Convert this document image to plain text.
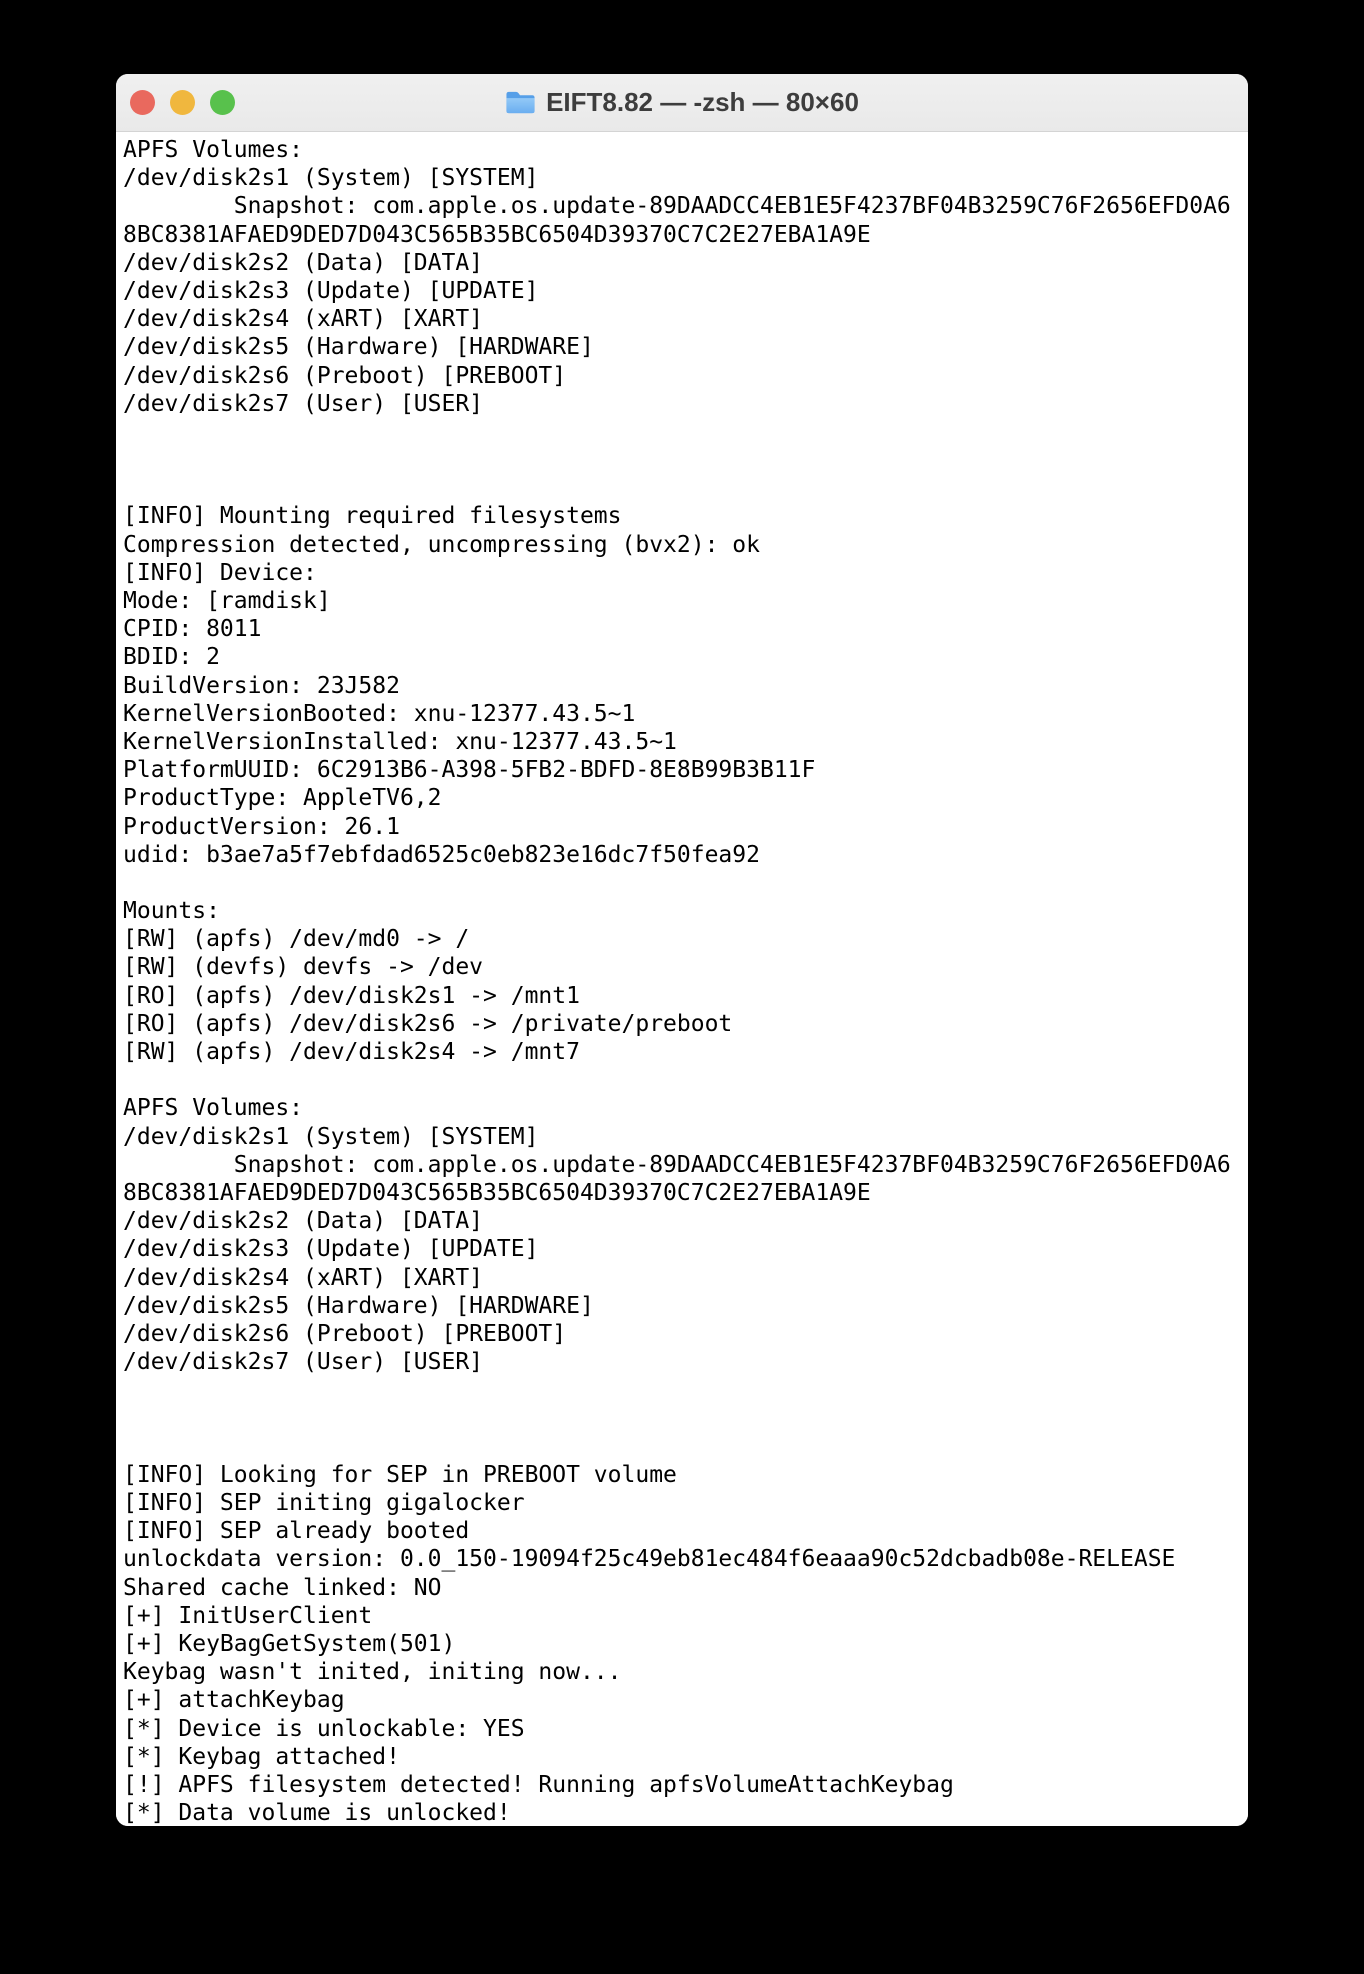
EIFT8.82 — -zsh — 80×60
APFS Volumes:
/dev/disk2s1 (System) [SYSTEM]
Snapshot: com.apple.os.update-89DAADCC4EB1E5F4237BF04B3259C76F2656EFD0A6
8BC8381AFAED9DED7D043C565B35BC6504D39370C7C2E27EBA1A9E
/dev/disk2s2 (Data) [DATA]
/dev/disk2s3 (Update) [UPDATE]
/dev/disk2s4 (xART) [XART]
/dev/disk2s5 (Hardware) [HARDWARE]
/dev/disk2s6 (Preboot) [PREBOOT]
/dev/disk2s7 (User) [USER]
[INFO] Mounting required filesystems
Compression detected, uncompressing (bvx2): ok
[INFO] Device:
Mode: [ramdisk]
CPID: 8011
BDID: 2
BuildVersion: 23J582
KernelVersionBooted: xnu-12377.43.5~1
KernelVersionInstalled: xnu-12377.43.5~1
PlatformUUID: 6C2913B6-A398-5FB2-BDFD-8E8B99B3B11F
ProductType: AppleTV6,2
ProductVersion: 26.1
udid: b3ae7a5f7ebfdad6525c0eb823e16dc7f50fea92
Mounts:
[RW] (apfs) /dev/md0 -> /
[RW] (devfs) devfs -> /dev
[RO] (apfs) /dev/disk2s1 -> /mnt1
[RO] (apfs) /dev/disk2s6 -> /private/preboot
[RW] (apfs) /dev/disk2s4 -> /mnt7
APFS Volumes:
/dev/disk2s1 (System) [SYSTEM]
Snapshot: com.apple.os.update-89DAADCC4EB1E5F4237BF04B3259C76F2656EFD0A6
8BC8381AFAED9DED7D043C565B35BC6504D39370C7C2E27EBA1A9E
/dev/disk2s2 (Data) [DATA]
/dev/disk2s3 (Update) [UPDATE]
/dev/disk2s4 (xART) [XART]
/dev/disk2s5 (Hardware) [HARDWARE]
/dev/disk2s6 (Preboot) [PREBOOT]
/dev/disk2s7 (User) [USER]
[INFO] Looking for SEP in PREBOOT volume
[INFO] SEP initing gigalocker
[INFO] SEP already booted
unlockdata version: 0.0_150-19094f25c49eb81ec484f6eaaa90c52dcbadb08e-RELEASE
Shared cache linked: NO
[+] InitUserClient
[+] KeyBagGetSystem(501)
Keybag wasn't inited, initing now...
[+] attachKeybag
[*] Device is unlockable: YES
[*] Keybag attached!
[!] APFS filesystem detected! Running apfsVolumeAttachKeybag
[*] Data volume is unlocked!
